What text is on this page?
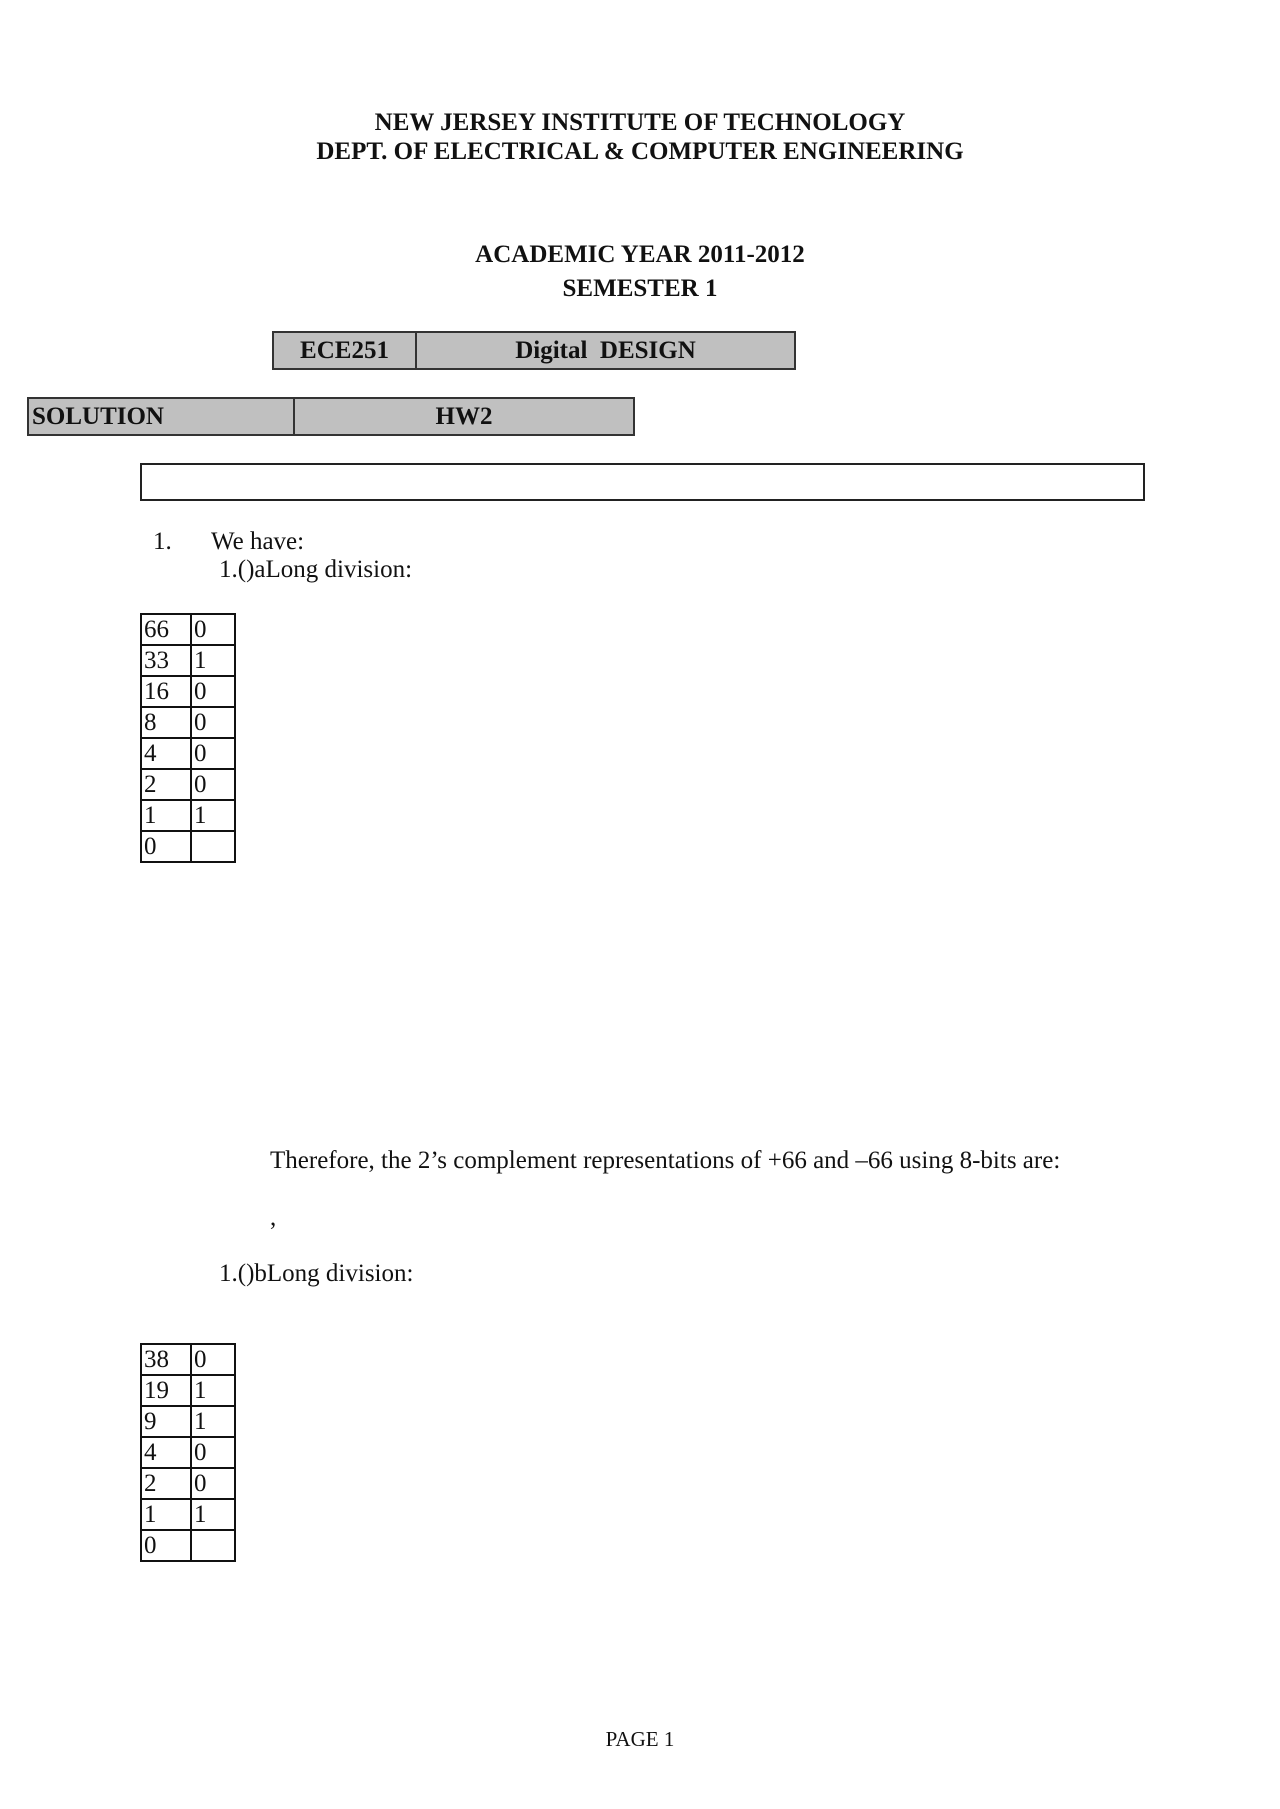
NEW JERSEY INSTITUTE OF TECHNOLOGY
DEPT. OF ELECTRICAL & COMPUTER ENGINEERING
ACADEMIC YEAR 2011-2012
SEMESTER 1
ECE251	Digital  DESIGN
SOLUTION	HW2
1. We have:
1.()aLong division:
66	0
33	1
16	0
8	0
4	0
2	0
1	1
0	
Therefore, the 2’s complement representations of +66 and –66 using 8-bits are:
,
1.()bLong division:
38	0
19	1
9	1
4	0
2	0
1	1
0	
PAGE 1
